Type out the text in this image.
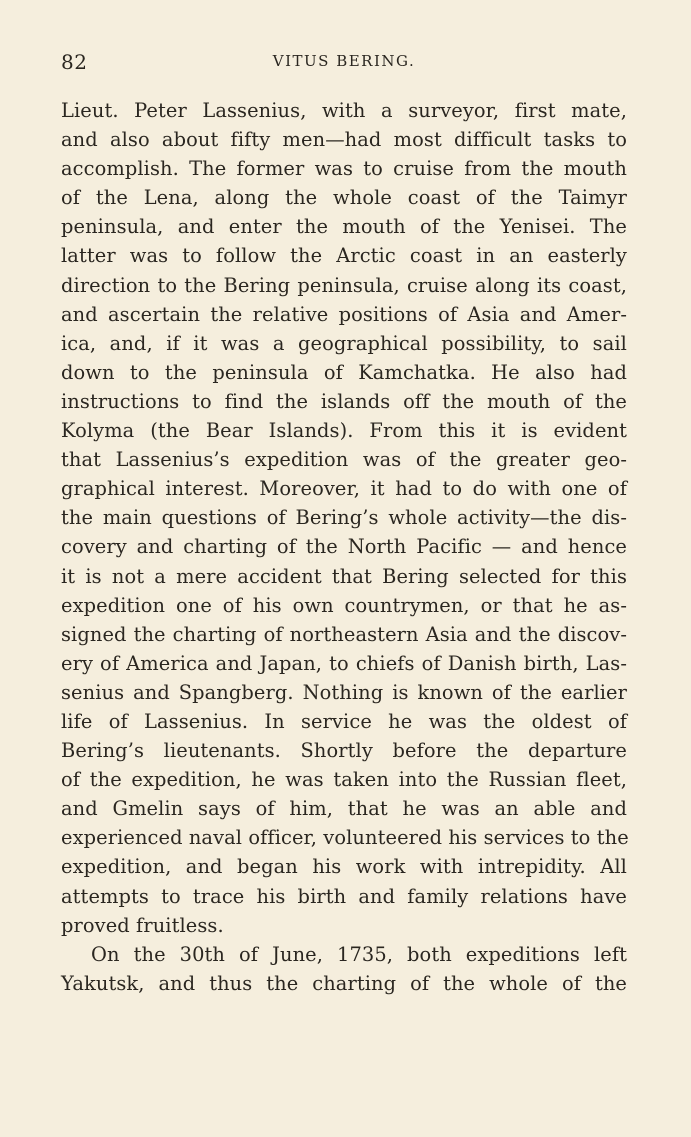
82	VITUS BERING.
Lieut. Peter Lassenius, with a surveyor, first mate,
and also about fifty men—had most difficult tasks to
accomplish. The former was to cruise from the mouth
of the Lena, along the whole coast of the Taimyr
peninsula, and enter the mouth of the Yenisei. The
latter was to follow the Arctic coast in an easterly
direction to the Bering peninsula, cruise along its coast,
and ascertain the relative positions of Asia and Amer-
ica, and, if it was a geographical possibility, to sail
down to the peninsula of Kamchatka. He also had
instructions to find the islands off the mouth of the
Kolyma (the Bear Islands). From this it is evident
that Lassenius’s expedition was of the greater geo-
graphical interest. Moreover, it had to do with one of
the main questions of Bering’s whole activity—the dis-
covery and charting of the North Pacific — and hence
it is not a mere accident that Bering selected for this
expedition one of his own countrymen, or that he as-
signed the charting of northeastern Asia and the discov-
ery of America and Japan, to chiefs of Danish birth, Las-
senius and Spangberg. Nothing is known of the earlier
life of Lassenius. In service he was the oldest of
Bering’s lieutenants. Shortly before the departure
of the expedition, he was taken into the Russian fleet,
and Gmelin says of him, that he was an able and
experienced naval officer, volunteered his services to the
expedition, and began his work with intrepidity. All
attempts to trace his birth and family relations have
proved fruitless.
On the 30th of June, 1735, both expeditions left
Yakutsk, and thus the charting of the whole of the
